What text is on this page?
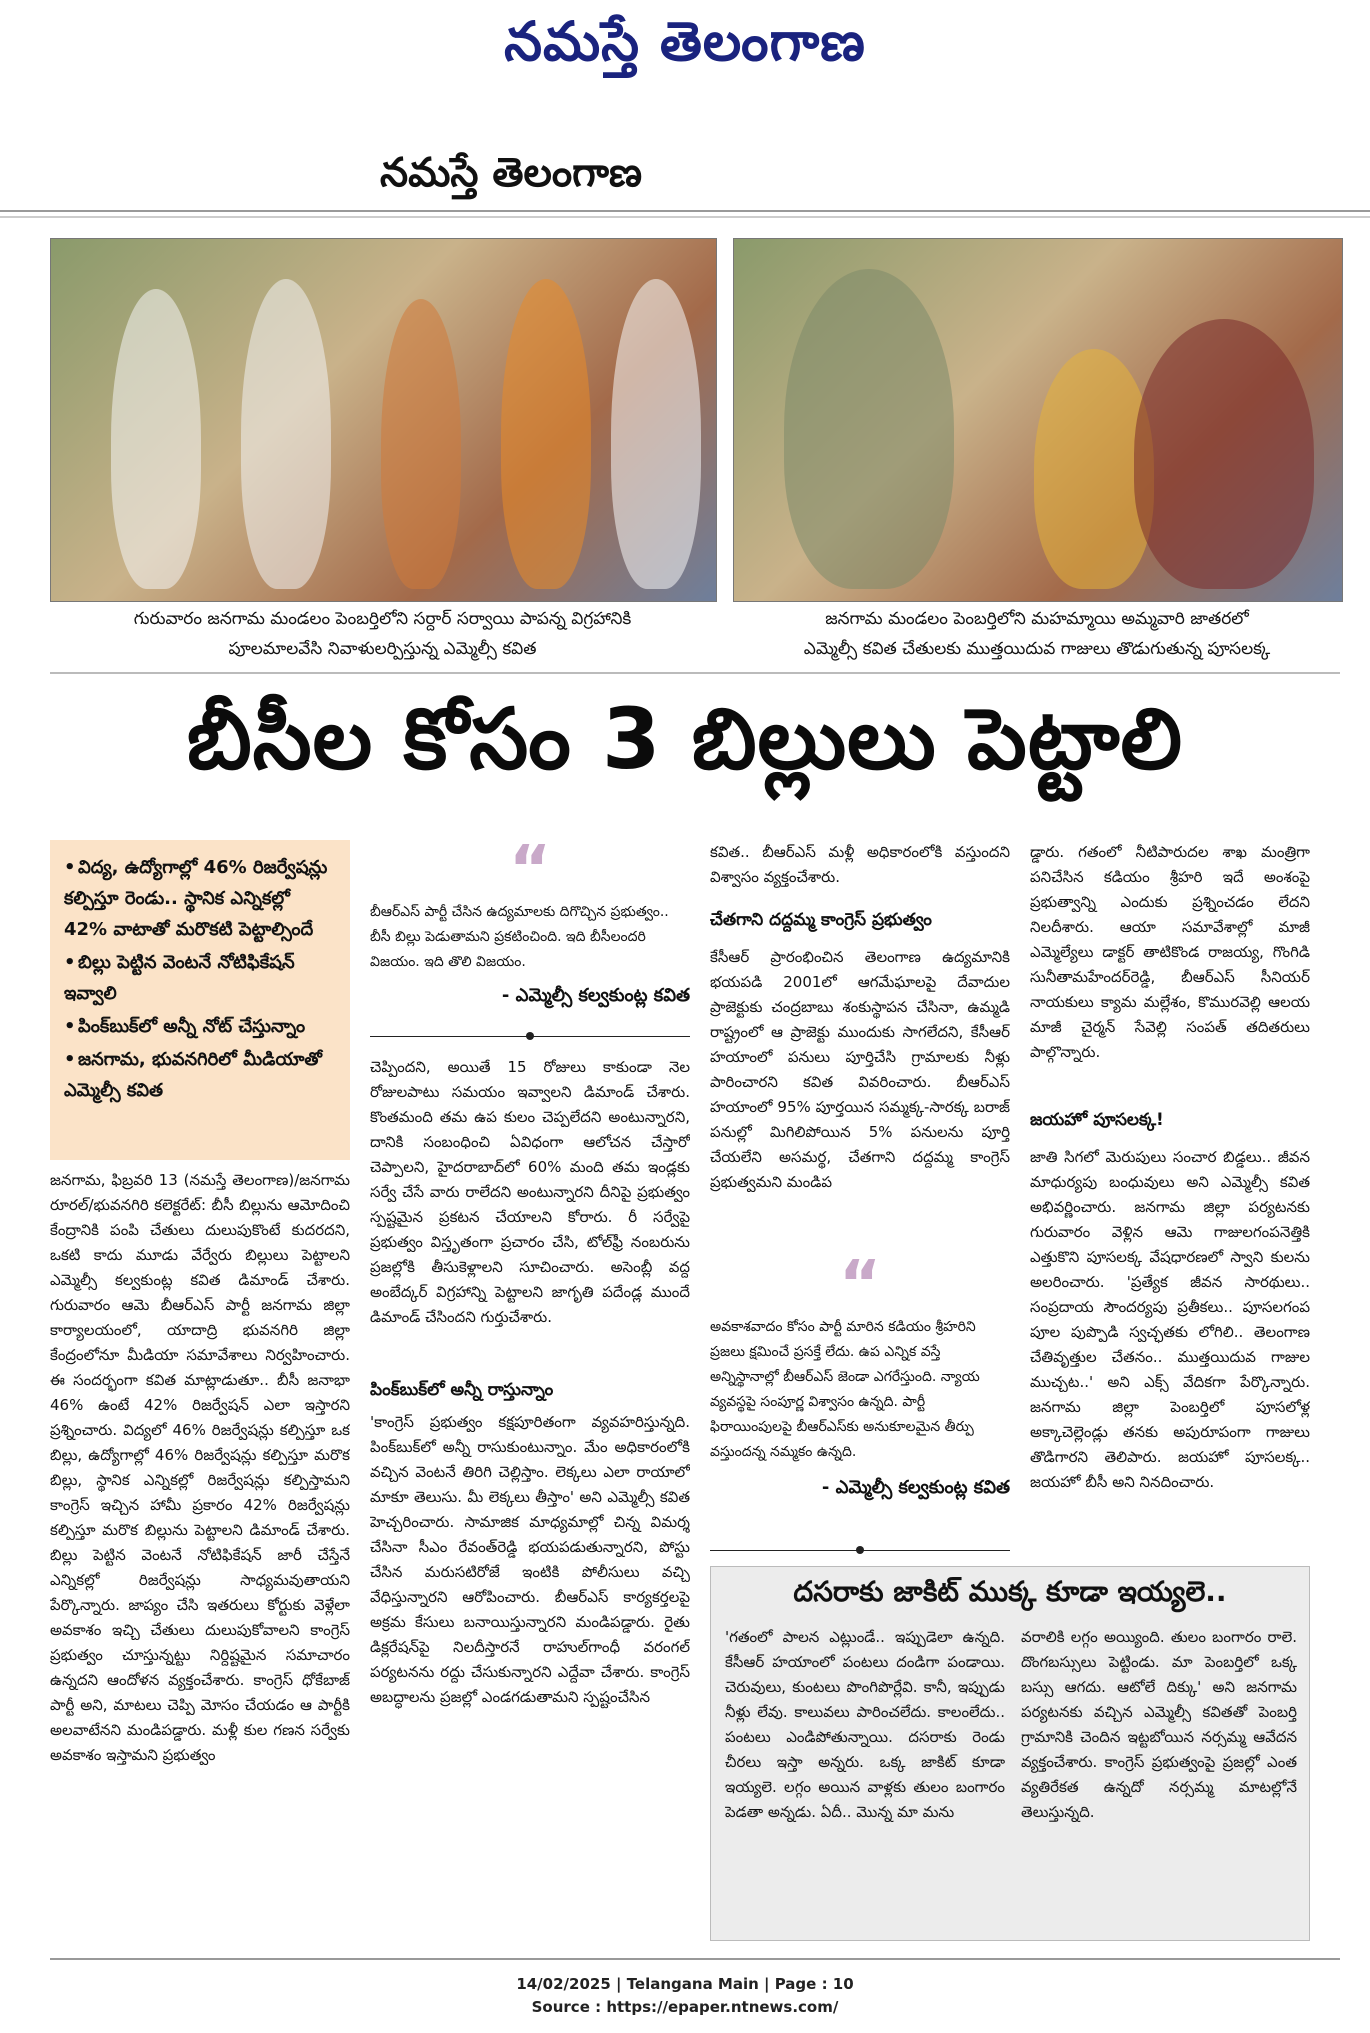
నమస్తే తెలంగాణ
నమస్తే తెలంగాణ
గురువారం జనగామ మండలం పెంబర్తిలోని సర్దార్ సర్వాయి పాపన్న విగ్రహానికి
పూలమాలవేసి నివాళులర్పిస్తున్న ఎమ్మెల్సీ కవిత
జనగామ మండలం పెంబర్తిలోని మహమ్మాయి అమ్మవారి జాతరలో
ఎమ్మెల్సీ కవిత చేతులకు ముత్తయిదువ గాజులు తొడుగుతున్న పూసలక్క
బీసీల కోసం 3 బిల్లులు పెట్టాలి
• విద్య, ఉద్యోగాల్లో 46% రిజర్వేషన్లు కల్పిస్తూ రెండు.. స్థానిక ఎన్నికల్లో 42% వాటాతో మరొకటి పెట్టాల్సిందే
• బిల్లు పెట్టిన వెంటనే నోటిఫికేషన్ ఇవ్వాలి
• పింక్‌బుక్‌లో అన్నీ నోట్ చేస్తున్నాం
• జనగామ, భువనగిరిలో మీడియాతో ఎమ్మెల్సీ కవిత

జనగామ, ఫిబ్రవరి 13 (నమస్తే తెలంగాణ)/జనగామ రూరల్/భువనగిరి కలెక్టరేట్: బీసీ బిల్లును ఆమోదించి కేంద్రానికి పంపి చేతులు దులుపుకొంటే కుదరదని, ఒకటి కాదు మూడు వేర్వేరు బిల్లులు పెట్టాలని ఎమ్మెల్సీ కల్వకుంట్ల కవిత డిమాండ్ చేశారు. గురువారం ఆమె బీఆర్‌ఎస్ పార్టీ జనగామ జిల్లా కార్యాలయంలో, యాదాద్రి భువనగిరి జిల్లా కేంద్రంలోనూ మీడియా సమావేశాలు నిర్వహించారు. ఈ సందర్భంగా కవిత మాట్లాడుతూ.. బీసీ జనాభా 46% ఉంటే 42% రిజర్వేషన్ ఎలా ఇస్తారని ప్రశ్నించారు. విద్యలో 46% రిజర్వేషన్లు కల్పిస్తూ ఒక బిల్లు, ఉద్యోగాల్లో 46% రిజర్వేషన్లు కల్పిస్తూ మరొక బిల్లు, స్థానిక ఎన్నికల్లో రిజర్వేషన్లు కల్పిస్తామని కాంగ్రెస్ ఇచ్చిన హామీ ప్రకారం 42% రిజర్వేషన్లు కల్పిస్తూ మరొక బిల్లును పెట్టాలని డిమాండ్ చేశారు. బిల్లు పెట్టిన వెంటనే నోటిఫికేషన్ జారీ చేస్తేనే ఎన్నికల్లో రిజర్వేషన్లు సాధ్యమవుతాయని పేర్కొన్నారు. జాప్యం చేసి ఇతరులు కోర్టుకు వెళ్లేలా అవకాశం ఇచ్చి చేతులు దులుపుకోవాలని కాంగ్రెస్ ప్రభుత్వం చూస్తున్నట్టు నిర్దిష్టమైన సమాచారం ఉన్నదని ఆందోళన వ్యక్తంచేశారు. కాంగ్రెస్ ధోకేబాజ్ పార్టీ అని, మాటలు చెప్పి మోసం చేయడం ఆ పార్టీకి అలవాటేనని మండిపడ్డారు. మళ్లీ కుల గణన సర్వేకు అవకాశం ఇస్తామని ప్రభుత్వం

“
బీఆర్‌ఎస్ పార్టీ చేసిన ఉద్యమాలకు దిగొచ్చిన ప్రభుత్వం.. బీసీ బిల్లు పెడుతామని ప్రకటించింది. ఇది బీసీలందరి విజయం. ఇది తొలి విజయం.
- ఎమ్మెల్సీ కల్వకుంట్ల కవిత

చెప్పిందని, అయితే 15 రోజులు కాకుండా నెల రోజులపాటు సమయం ఇవ్వాలని డిమాండ్ చేశారు. కొంతమంది తమ ఉప కులం చెప్పలేదని అంటున్నారని, దానికి సంబంధించి ఏవిధంగా ఆలోచన చేస్తారో చెప్పాలని, హైదరాబాద్‌లో 60% మంది తమ ఇండ్లకు సర్వే చేసే వారు రాలేదని అంటున్నారని దీనిపై ప్రభుత్వం స్పష్టమైన ప్రకటన చేయాలని కోరారు. రీ సర్వేపై ప్రభుత్వం విస్తృతంగా ప్రచారం చేసి, టోల్‌ఫ్రీ నంబరును ప్రజల్లోకి తీసుకెళ్లాలని సూచించారు. అసెంబ్లీ వద్ద అంబేద్కర్ విగ్రహాన్ని పెట్టాలని జాగృతి పదేండ్ల ముందే డిమాండ్ చేసిందని గుర్తుచేశారు.

పింక్‌బుక్‌లో అన్నీ రాస్తున్నాం

'కాంగ్రెస్ ప్రభుత్వం కక్షపూరితంగా వ్యవహరిస్తున్నది. పింక్‌బుక్‌లో అన్నీ రాసుకుంటున్నాం. మేం అధికారంలోకి వచ్చిన వెంటనే తిరిగి చెల్లిస్తాం. లెక్కలు ఎలా రాయాలో మాకూ తెలుసు. మీ లెక్కలు తీస్తాం' అని ఎమ్మెల్సీ కవిత హెచ్చరించారు. సామాజిక మాధ్యమాల్లో చిన్న విమర్శ చేసినా సీఎం రేవంత్‌రెడ్డి భయపడుతున్నారని, పోస్టు చేసిన మరుసటిరోజే ఇంటికి పోలీసులు వచ్చి వేధిస్తున్నారని ఆరోపించారు. బీఆర్‌ఎస్ కార్యకర్తలపై అక్రమ కేసులు బనాయిస్తున్నారని మండిపడ్డారు. రైతు డిక్లరేషన్‌పై నిలదీస్తారనే రాహుల్‌గాంధీ వరంగల్ పర్యటనను రద్దు చేసుకున్నారని ఎద్దేవా చేశారు. కాంగ్రెస్ అబద్ధాలను ప్రజల్లో ఎండగడుతామని స్పష్టంచేసిన

కవిత.. బీఆర్‌ఎస్ మళ్లీ అధికారంలోకి వస్తుందని విశ్వాసం వ్యక్తంచేశారు.

చేతగాని దద్దమ్మ కాంగ్రెస్ ప్రభుత్వం

కేసీఆర్ ప్రారంభించిన తెలంగాణ ఉద్యమానికి భయపడి 2001లో ఆగమేఘాలపై దేవాదుల ప్రాజెక్టుకు చంద్రబాబు శంకుస్థాపన చేసినా, ఉమ్మడి రాష్ట్రంలో ఆ ప్రాజెక్టు ముందుకు సాగలేదని, కేసీఆర్ హయాంలో పనులు పూర్తిచేసి గ్రామాలకు నీళ్లు పారించారని కవిత వివరించారు. బీఆర్‌ఎస్ హయాంలో 95% పూర్తయిన సమ్మక్క-సారక్క బరాజ్ పనుల్లో మిగిలిపోయిన 5% పనులను పూర్తి చేయలేని అసమర్థ, చేతగాని దద్దమ్మ కాంగ్రెస్ ప్రభుత్వమని మండిప

“
అవకాశవాదం కోసం పార్టీ మారిన కడియం శ్రీహరిని ప్రజలు క్షమించే ప్రసక్తే లేదు. ఉప ఎన్నిక వస్తే అన్నిస్థానాల్లో బీఆర్‌ఎస్ జెండా ఎగరేస్తుంది. న్యాయ వ్యవస్థపై సంపూర్ణ విశ్వాసం ఉన్నది. పార్టీ ఫిరాయింపులపై బీఆర్‌ఎస్‌కు అనుకూలమైన తీర్పు వస్తుందన్న నమ్మకం ఉన్నది.
- ఎమ్మెల్సీ కల్వకుంట్ల కవిత

డ్డారు. గతంలో నీటిపారుదల శాఖ మంత్రిగా పనిచేసిన కడియం శ్రీహరి ఇదే అంశంపై ప్రభుత్వాన్ని ఎందుకు ప్రశ్నించడం లేదని నిలదీశారు. ఆయా సమావేశాల్లో మాజీ ఎమ్మెల్యేలు డాక్టర్ తాటికొండ రాజయ్య, గొంగిడి సునీతామహేందర్‌రెడ్డి, బీఆర్‌ఎస్ సీనియర్ నాయకులు క్యామ మల్లేశం, కొమురవెల్లి ఆలయ మాజీ చైర్మన్ సేవెల్లి సంపత్ తదితరులు పాల్గొన్నారు.

జయహో పూసలక్క!

జాతి సిగలో మెరుపులు సంచార బిడ్డలు.. జీవన మాధుర్యపు బంధువులు అని ఎమ్మెల్సీ కవిత అభివర్ణించారు. జనగామ జిల్లా పర్యటనకు గురువారం వెళ్లిన ఆమె గాజులగంపనెత్తికి ఎత్తుకొని పూసలక్క వేషధారణలో స్వాని కులను అలరించారు. 'ప్రత్యేక జీవన సారథులు.. సంప్రదాయ సౌందర్యపు ప్రతీకలు.. పూసలగంప పూల పుప్పొడి స్వచ్ఛతకు లోగిలి.. తెలంగాణ చేతివృత్తుల చేతనం.. ముత్తయిదువ గాజుల ముచ్చట..' అని ఎక్స్ వేదికగా పేర్కొన్నారు. జనగామ జిల్లా పెంబర్తిలో పూసలోళ్ల అక్కాచెల్లెండ్లు తనకు అపురూపంగా గాజులు తొడిగారని తెలిపారు. జయహో పూసలక్క.. జయహో బీసీ అని నినదించారు.

దసరాకు జాకిట్ ముక్క కూడా ఇయ్యలె..

'గతంలో పాలన ఎట్లుండే.. ఇప్పుడెలా ఉన్నది. కేసీఆర్ హయాంలో పంటలు దండిగా పండాయి. చెరువులు, కుంటలు పొంగిపొర్లేవి. కానీ, ఇప్పుడు నీళ్లు లేవు. కాలువలు పారించలేదు. కాలంలేదు.. పంటలు ఎండిపోతున్నాయి. దసరాకు రెండు చీరలు ఇస్తా అన్నరు. ఒక్క జాకిట్ కూడా ఇయ్యలె. లగ్గం అయిన వాళ్లకు తులం బంగారం పెడతా అన్నడు. ఏదీ.. మొన్న మా మను

వరాలికి లగ్గం అయ్యింది. తులం బంగారం రాలె. దొంగబస్సులు పెట్టిండు. మా పెంబర్తిలో ఒక్క బస్సు ఆగదు. ఆటోలే దిక్కు' అని జనగామ పర్యటనకు వచ్చిన ఎమ్మెల్సీ కవితతో పెంబర్తి గ్రామానికి చెందిన ఇట్టబోయిన నర్సమ్మ ఆవేదన వ్యక్తంచేశారు. కాంగ్రెస్ ప్రభుత్వంపై ప్రజల్లో ఎంత వ్యతిరేకత ఉన్నదో నర్సమ్మ మాటల్లోనే తెలుస్తున్నది.

14/02/2025 | Telangana Main | Page : 10
Source : https://epaper.ntnews.com/
